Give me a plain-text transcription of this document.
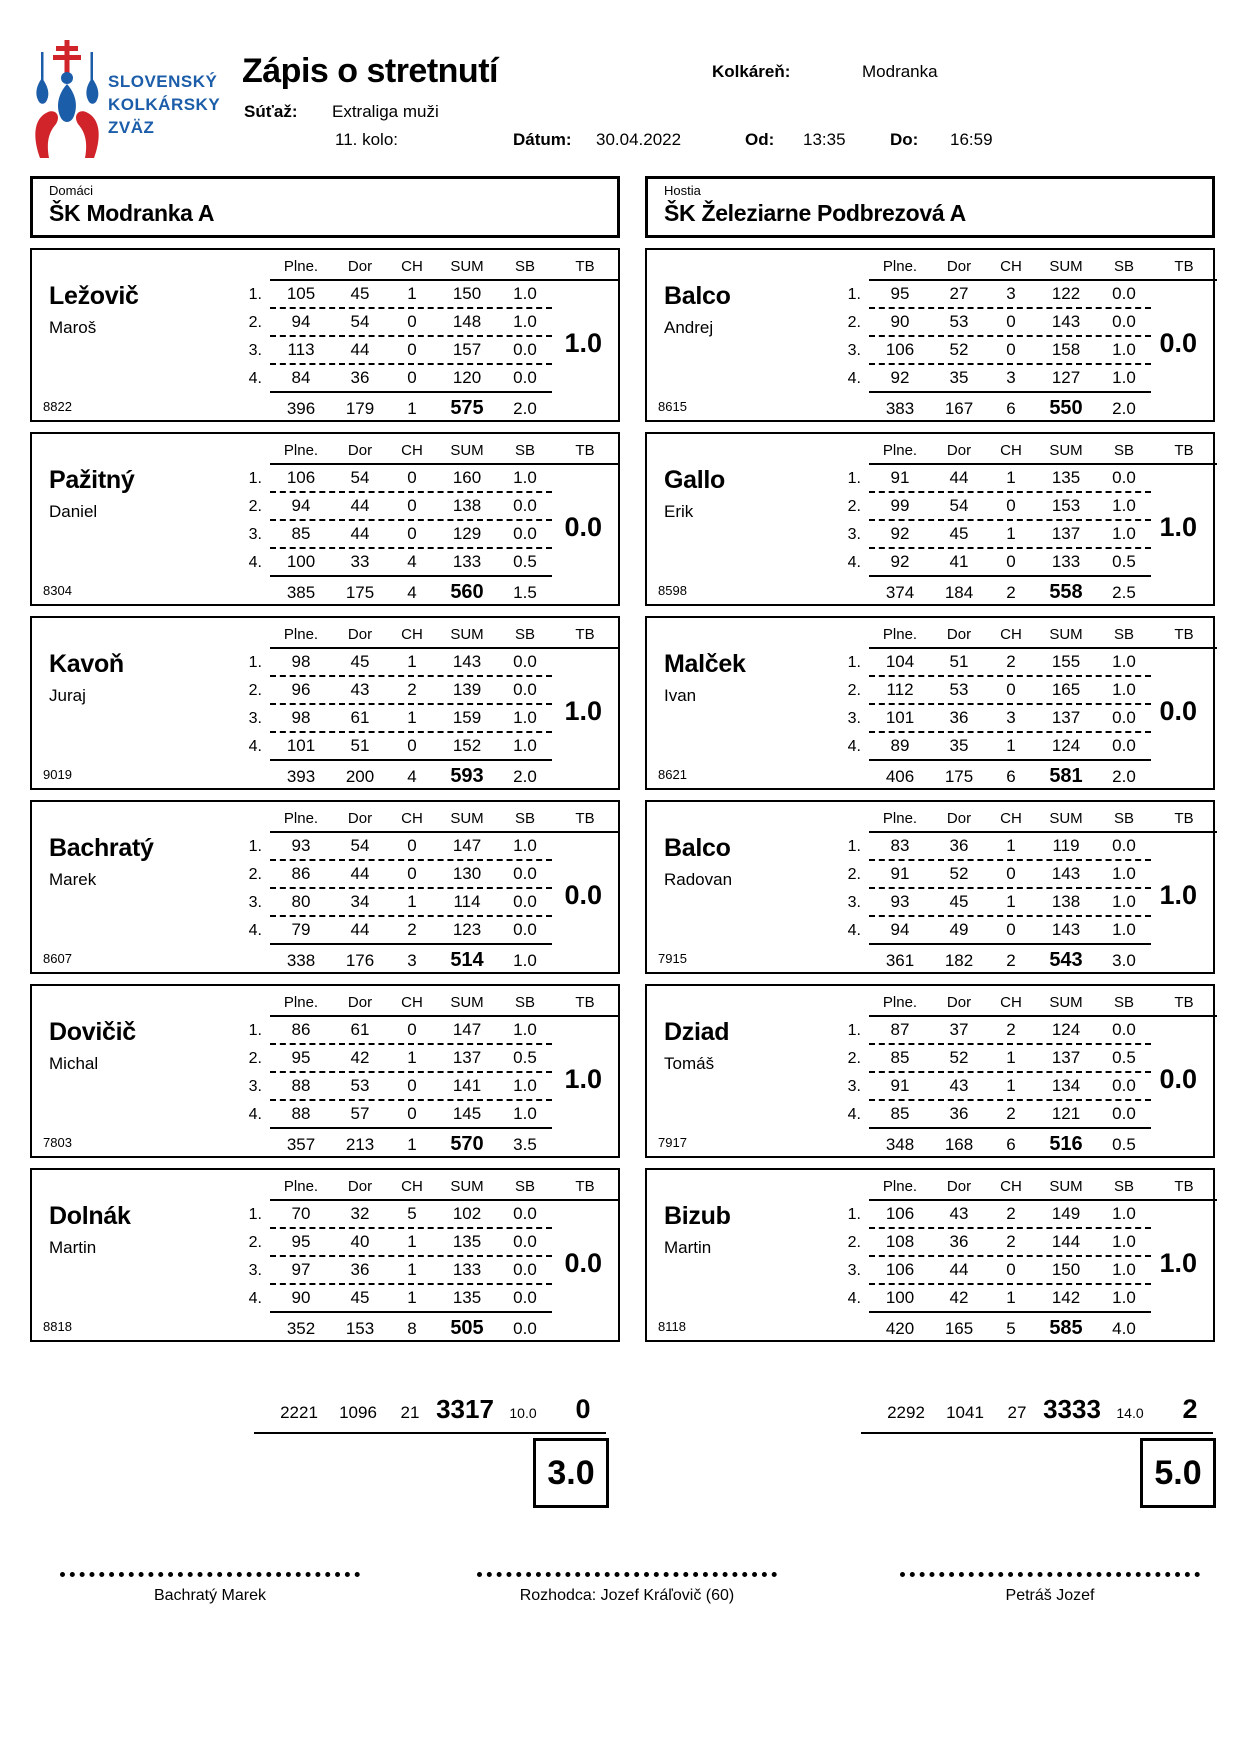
SLOVENSKÝ
KOLKÁRSKY
ZVÄZ
Zápis o stretnutí	Kolkáreň:	Modranka
Súťaž: Extraliga muži
11. kolo:	Dátum: 30.04.2022	Od: 13:35	Do: 16:59
Domáci
ŠK Modranka A
Ležovič
Maroš
8822
Plne.	Dor	CH	SUM	SB	TB
1.	105	45	1	150	1.0
2.	94	54	0	148	1.0
3.	113	44	0	157	0.0
4.	84	36	0	120	0.0
396	179	1	575	2.0
1.0
Pažitný
Daniel
8304
Plne.	Dor	CH	SUM	SB	TB
1.	106	54	0	160	1.0
2.	94	44	0	138	0.0
3.	85	44	0	129	0.0
4.	100	33	4	133	0.5
385	175	4	560	1.5
0.0
Kavoň
Juraj
9019
Plne.	Dor	CH	SUM	SB	TB
1.	98	45	1	143	0.0
2.	96	43	2	139	0.0
3.	98	61	1	159	1.0
4.	101	51	0	152	1.0
393	200	4	593	2.0
1.0
Bachratý
Marek
8607
Plne.	Dor	CH	SUM	SB	TB
1.	93	54	0	147	1.0
2.	86	44	0	130	0.0
3.	80	34	1	114	0.0
4.	79	44	2	123	0.0
338	176	3	514	1.0
0.0
Dovičič
Michal
7803
Plne.	Dor	CH	SUM	SB	TB
1.	86	61	0	147	1.0
2.	95	42	1	137	0.5
3.	88	53	0	141	1.0
4.	88	57	0	145	1.0
357	213	1	570	3.5
1.0
Dolnák
Martin
8818
Plne.	Dor	CH	SUM	SB	TB
1.	70	32	5	102	0.0
2.	95	40	1	135	0.0
3.	97	36	1	133	0.0
4.	90	45	1	135	0.0
352	153	8	505	0.0
0.0
2221	1096	21 3317	10.0	0
3.0
Hostia
ŠK Železiarne Podbrezová A
Balco
Andrej
8615
Plne.	Dor	CH	SUM	SB	TB
1.	95	27	3	122	0.0
2.	90	53	0	143	0.0
3.	106	52	0	158	1.0
4.	92	35	3	127	1.0
383	167	6	550	2.0
0.0
Gallo
Erik
8598
Plne.	Dor	CH	SUM	SB	TB
1.	91	44	1	135	0.0
2.	99	54	0	153	1.0
3.	92	45	1	137	1.0
4.	92	41	0	133	0.5
374	184	2	558	2.5
1.0
Malček
Ivan
8621
Plne.	Dor	CH	SUM	SB	TB
1.	104	51	2	155	1.0
2.	112	53	0	165	1.0
3.	101	36	3	137	0.0
4.	89	35	1	124	0.0
406	175	6	581	2.0
0.0
Balco
Radovan
7915
Plne.	Dor	CH	SUM	SB	TB
1.	83	36	1	119	0.0
2.	91	52	0	143	1.0
3.	93	45	1	138	1.0
4.	94	49	0	143	1.0
361	182	2	543	3.0
1.0
Dziad
Tomáš
7917
Plne.	Dor	CH	SUM	SB	TB
1.	87	37	2	124	0.0
2.	85	52	1	137	0.5
3.	91	43	1	134	0.0
4.	85	36	2	121	0.0
348	168	6	516	0.5
0.0
Bizub
Martin
8118
Plne.	Dor	CH	SUM	SB	TB
1.	106	43	2	149	1.0
2.	108	36	2	144	1.0
3.	106	44	0	150	1.0
4.	100	42	1	142	1.0
420	165	5	585	4.0
1.0
2292	1041	27 3333	14.0	2
5.0
Bachratý Marek	Rozhodca: Jozef Kráľovič (60)	Petráš Jozef
